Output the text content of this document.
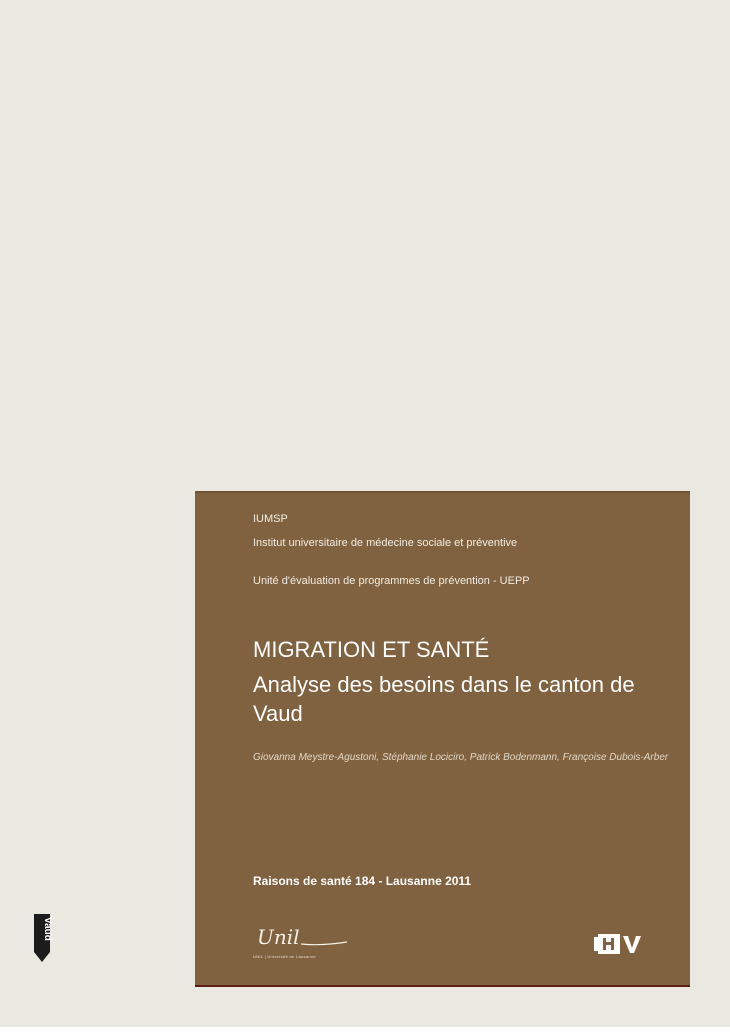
IUMSP
Institut universitaire de médecine sociale et préventive
Unité d'évaluation de programmes de prévention - UEPP
MIGRATION ET SANTÉ
Analyse des besoins dans le canton de Vaud
Giovanna Meystre-Agustoni, Stéphanie Lociciro, Patrick Bodenmann, Françoise Dubois-Arber
Raisons de santé 184 - Lausanne 2011
Unil
UNIL | Université de Lausanne
Vaud
